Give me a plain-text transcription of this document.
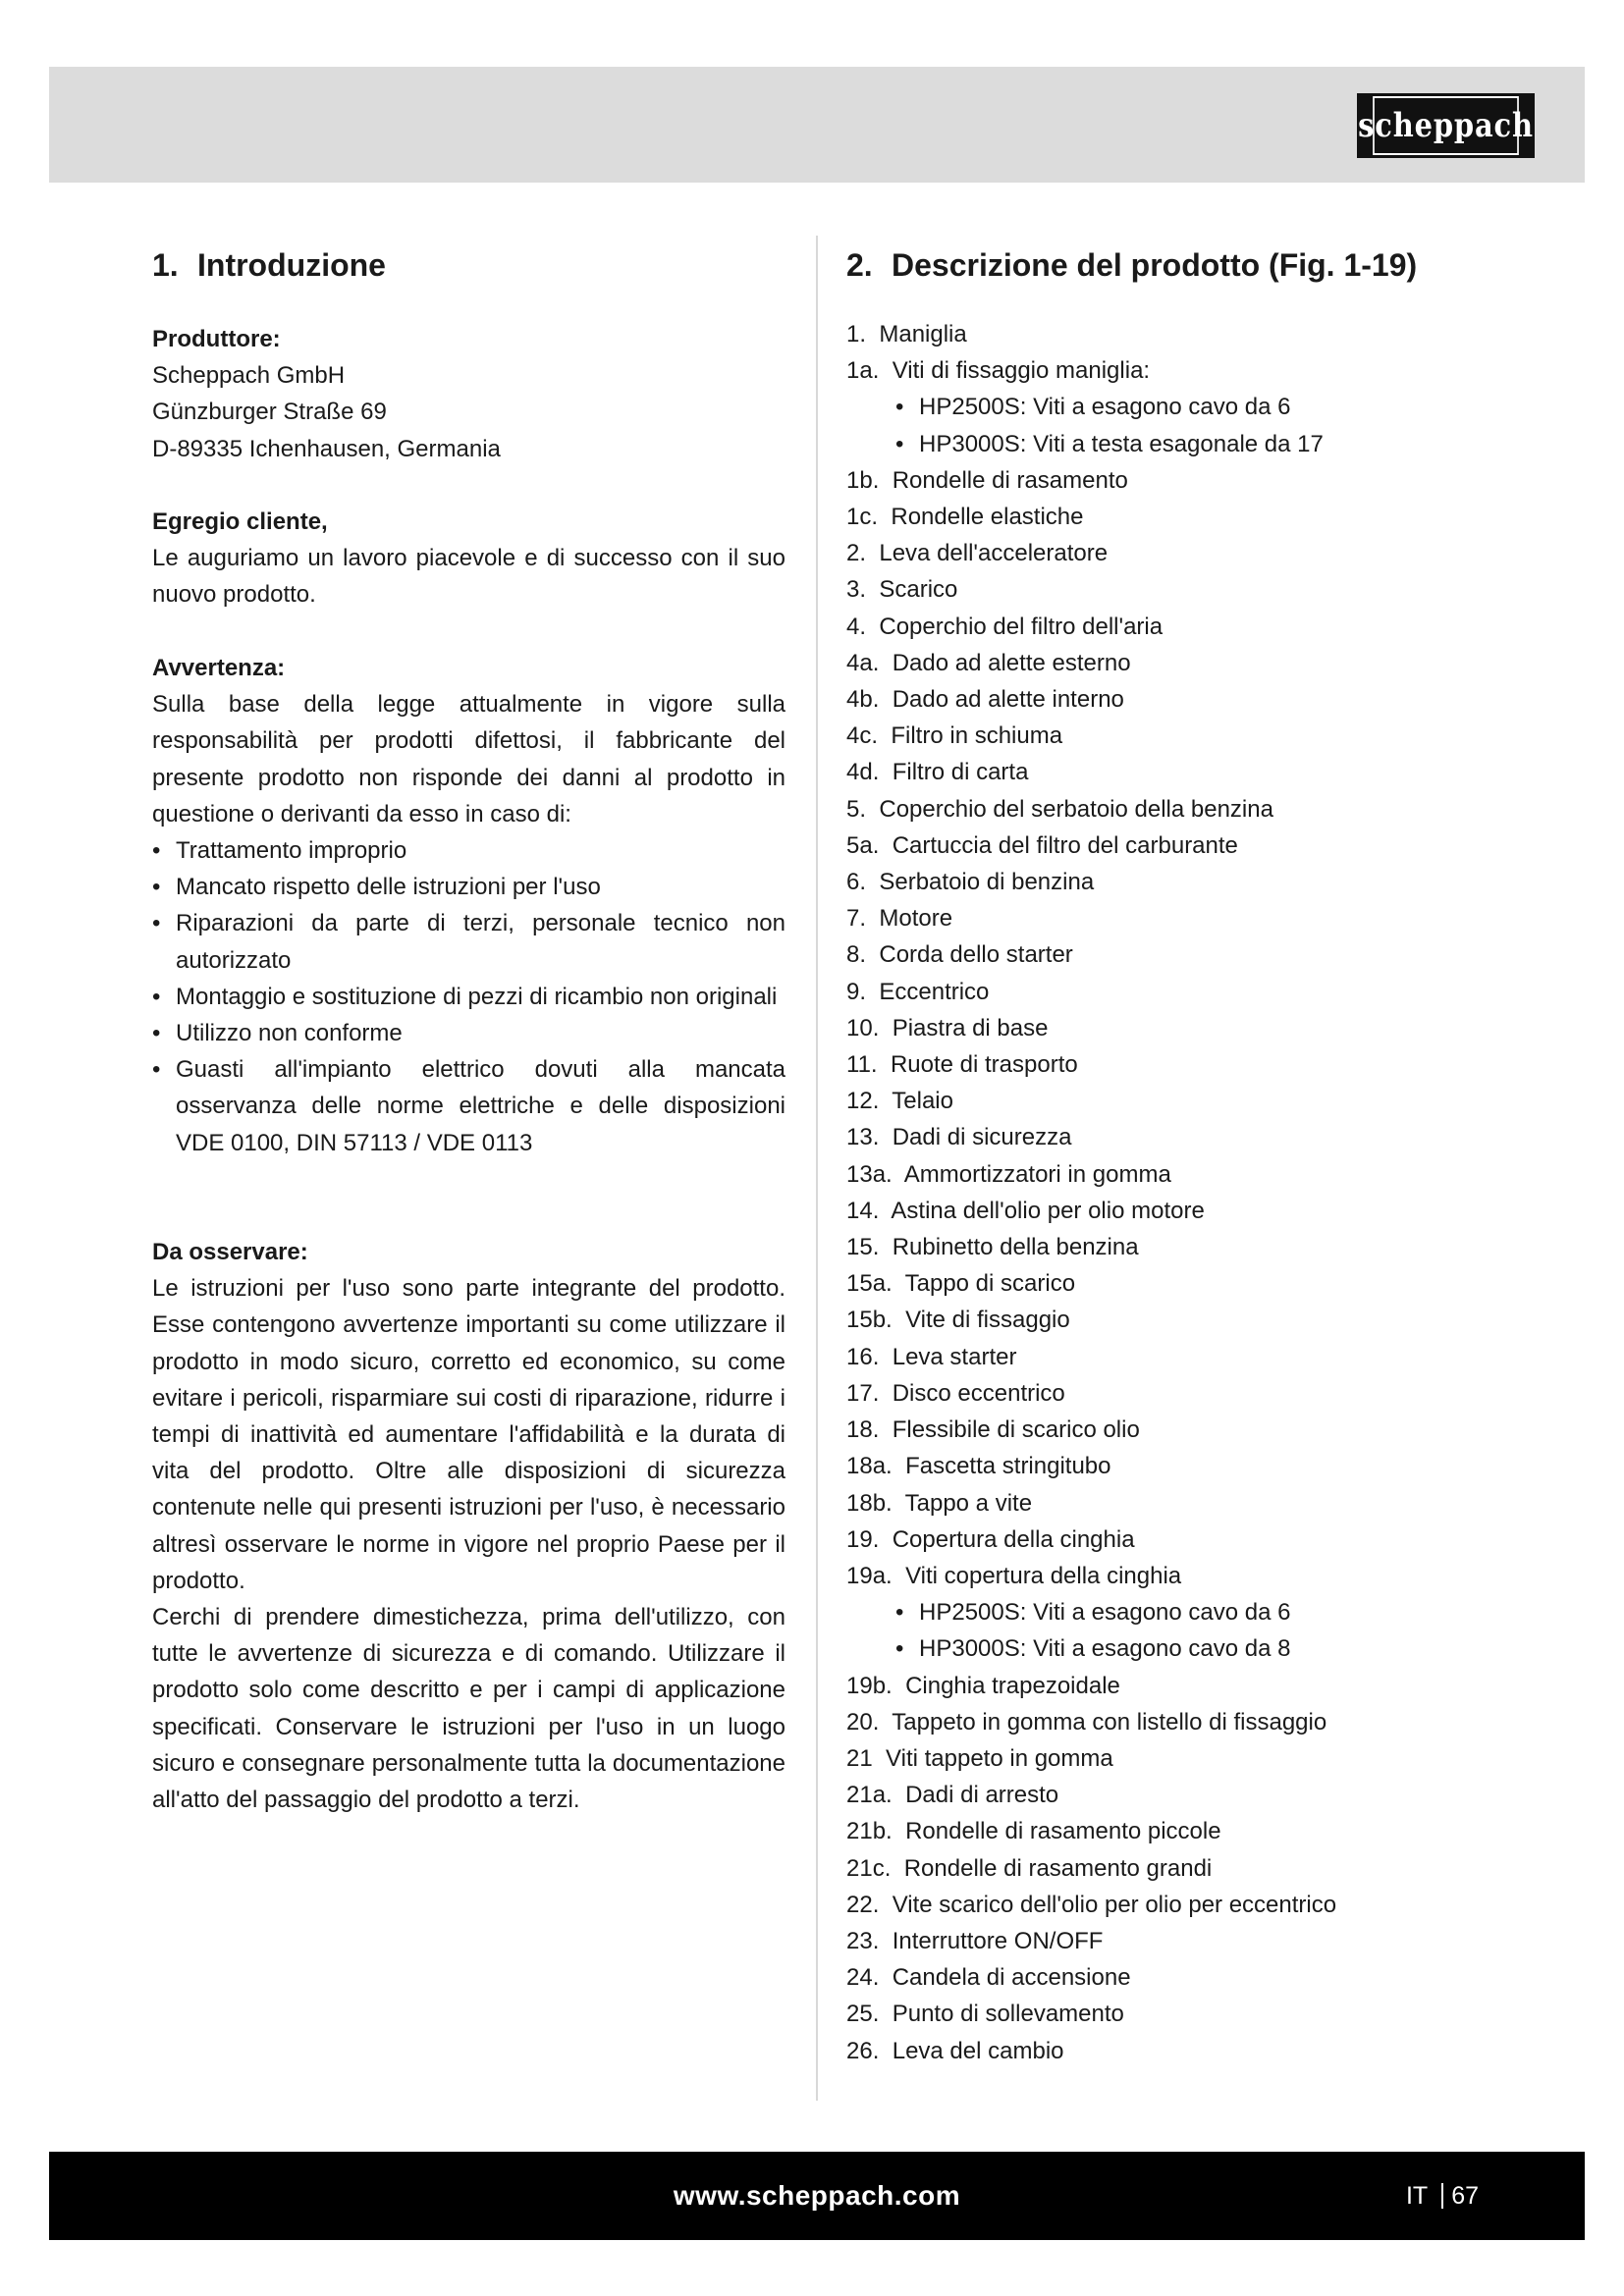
scheppach
1. Introduzione

Produttore:

Scheppach GmbH

Günzburger Straße 69

D-89335 Ichenhausen, Germania

Egregio cliente,

Le auguriamo un lavoro piacevole e di successo con il suo nuovo prodotto.

Avvertenza:

Sulla base della legge attualmente in vigore sulla responsabilità per prodotti difettosi, il fabbricante del presente prodotto non risponde dei danni al prodotto in questione o derivanti da esso in caso di:

• Trattamento improprio
• Mancato rispetto delle istruzioni per l'uso
• Riparazioni da parte di terzi, personale tecnico non autorizzato
• Montaggio e sostituzione di pezzi di ricambio non originali
• Utilizzo non conforme
• Guasti all'impianto elettrico dovuti alla mancata osservanza delle norme elettriche e delle disposizioni VDE 0100, DIN 57113 / VDE 0113

Da osservare:

Le istruzioni per l'uso sono parte integrante del prodotto. Esse contengono avvertenze importanti su come utilizzare il prodotto in modo sicuro, corretto ed economico, su come evitare i pericoli, risparmiare sui costi di riparazione, ridurre i tempi di inattività ed aumentare l'affidabilità e la durata di vita del prodotto. Oltre alle disposizioni di sicurezza contenute nelle qui presenti istruzioni per l'uso, è necessario altresì osservare le norme in vigore nel proprio Paese per il prodotto.

Cerchi di prendere dimestichezza, prima dell'utilizzo, con tutte le avvertenze di sicurezza e di comando. Utilizzare il prodotto solo come descritto e per i campi di applicazione specificati. Conservare le istruzioni per l'uso in un luogo sicuro e consegnare personalmente tutta la documentazione all'atto del passaggio del prodotto a terzi.

2. Descrizione del prodotto (Fig. 1-19)
1. Maniglia
1a. Viti di fissaggio maniglia:
• HP2500S: Viti a esagono cavo da 6
• HP3000S: Viti a testa esagonale da 17
1b. Rondelle di rasamento
1c. Rondelle elastiche
2. Leva dell'acceleratore
3. Scarico
4. Coperchio del filtro dell'aria
4a. Dado ad alette esterno
4b. Dado ad alette interno
4c. Filtro in schiuma
4d. Filtro di carta
5. Coperchio del serbatoio della benzina
5a. Cartuccia del filtro del carburante
6. Serbatoio di benzina
7. Motore
8. Corda dello starter
9. Eccentrico
10. Piastra di base
11. Ruote di trasporto
12. Telaio
13. Dadi di sicurezza
13a. Ammortizzatori in gomma
14. Astina dell'olio per olio motore
15. Rubinetto della benzina
15a. Tappo di scarico
15b. Vite di fissaggio
16. Leva starter
17. Disco eccentrico
18. Flessibile di scarico olio
18a. Fascetta stringitubo
18b. Tappo a vite
19. Copertura della cinghia
19a. Viti copertura della cinghia
• HP2500S: Viti a esagono cavo da 6
• HP3000S: Viti a esagono cavo da 8
19b. Cinghia trapezoidale
20. Tappeto in gomma con listello di fissaggio
21 Viti tappeto in gomma
21a. Dadi di arresto
21b. Rondelle di rasamento piccole
21c. Rondelle di rasamento grandi
22. Vite scarico dell'olio per olio per eccentrico
23. Interruttore ON/OFF
24. Candela di accensione
25. Punto di sollevamento
26. Leva del cambio
www.scheppach.com	IT 67
